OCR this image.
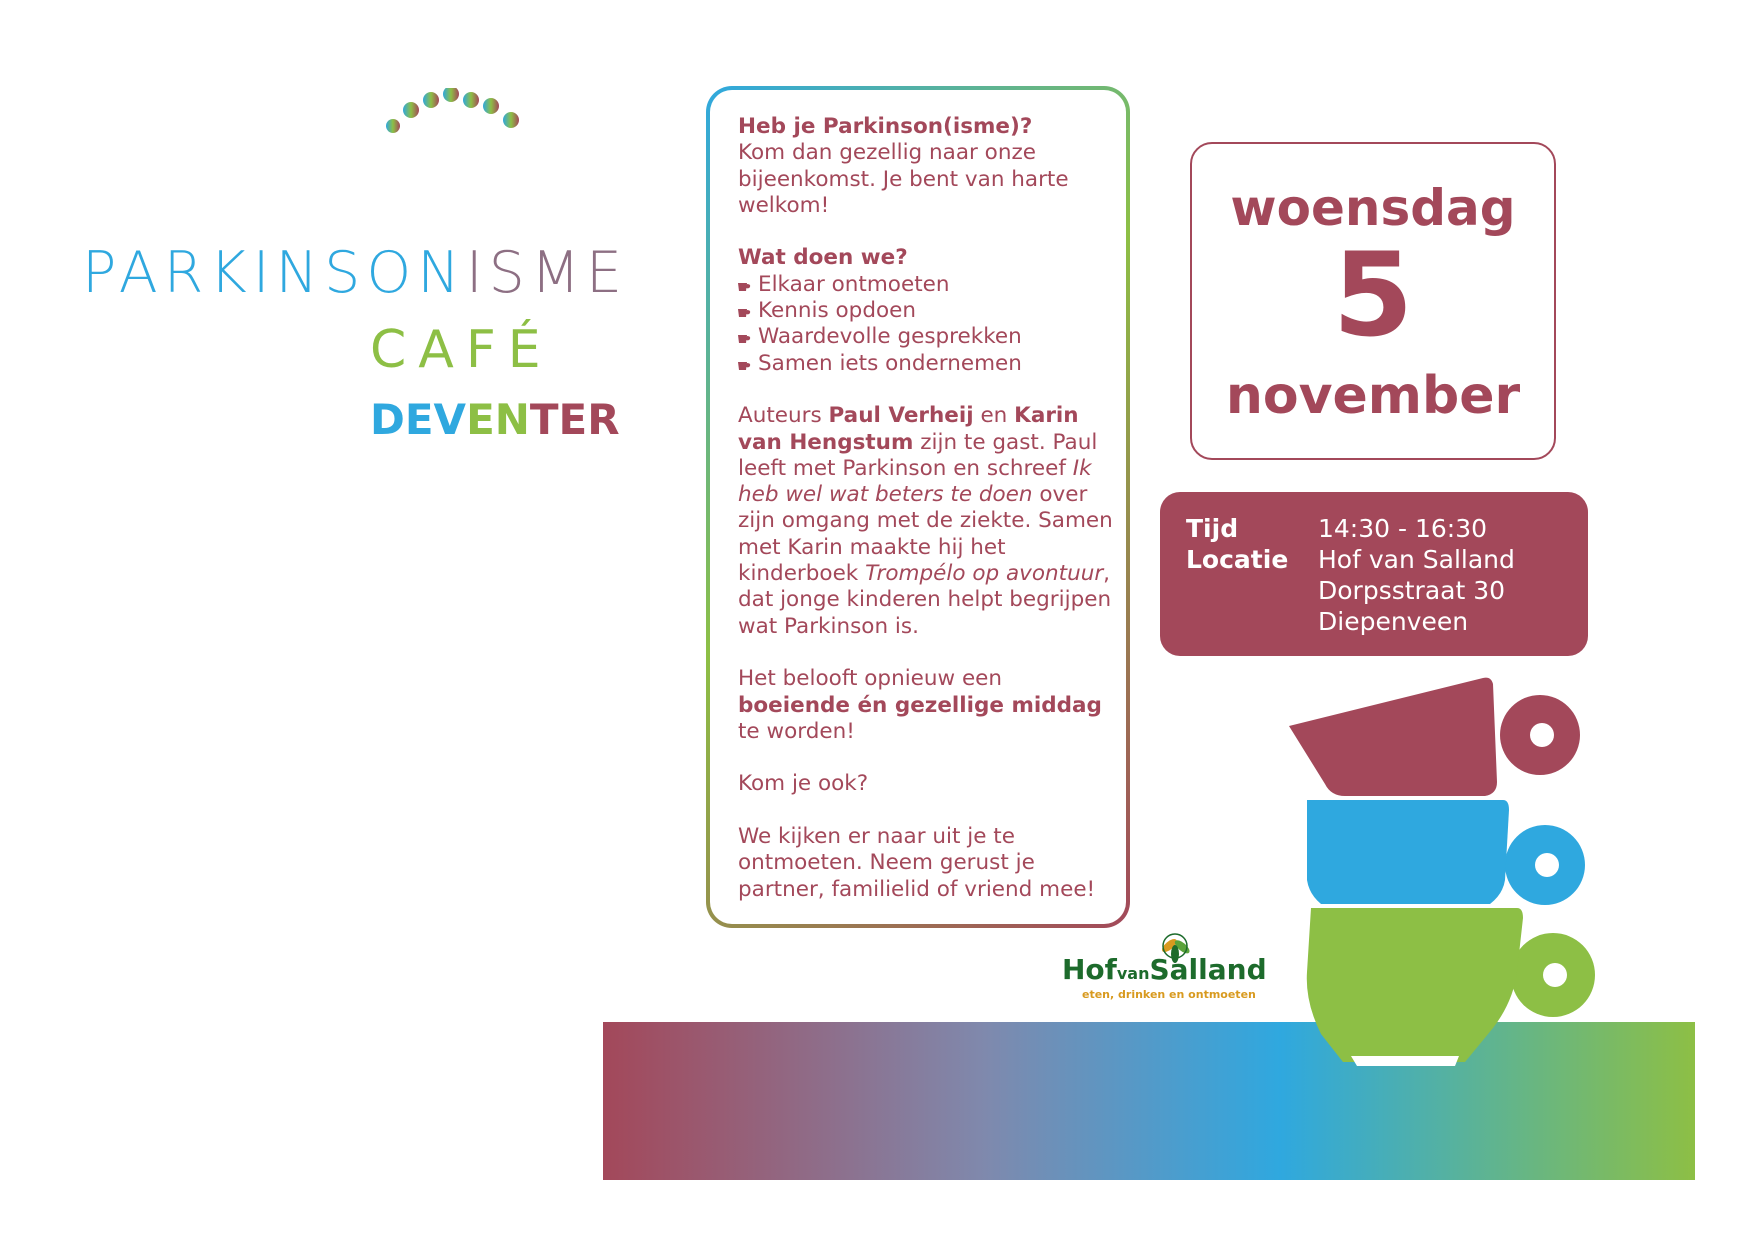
PARKINSONISME
CAFÉ
DEVENTER

Heb je Parkinson(isme)?
Kom dan gezellig naar onze bijeenkomst. Je bent van harte welkom!

Wat doen we?
Elkaar ontmoeten
Kennis opdoen
Waardevolle gesprekken
Samen iets ondernemen

Auteurs Paul Verheij en Karin van Hengstum zijn te gast. Paul leeft met Parkinson en schreef Ik heb wel wat beters te doen over zijn omgang met de ziekte. Samen met Karin maakte hij het kinderboek Trompélo op avontuur, dat jonge kinderen helpt begrijpen wat Parkinson is.

Het belooft opnieuw een boeiende én gezellige middag te worden!

Kom je ook?

We kijken er naar uit je te ontmoeten. Neem gerust je partner, familielid of vriend mee!

woensdag
5
november
Tijd	14:30 - 16:30
Locatie Hof van Salland
Dorpsstraat 30
Diepenveen
HofvanSalland
eten, drinken en ontmoeten
